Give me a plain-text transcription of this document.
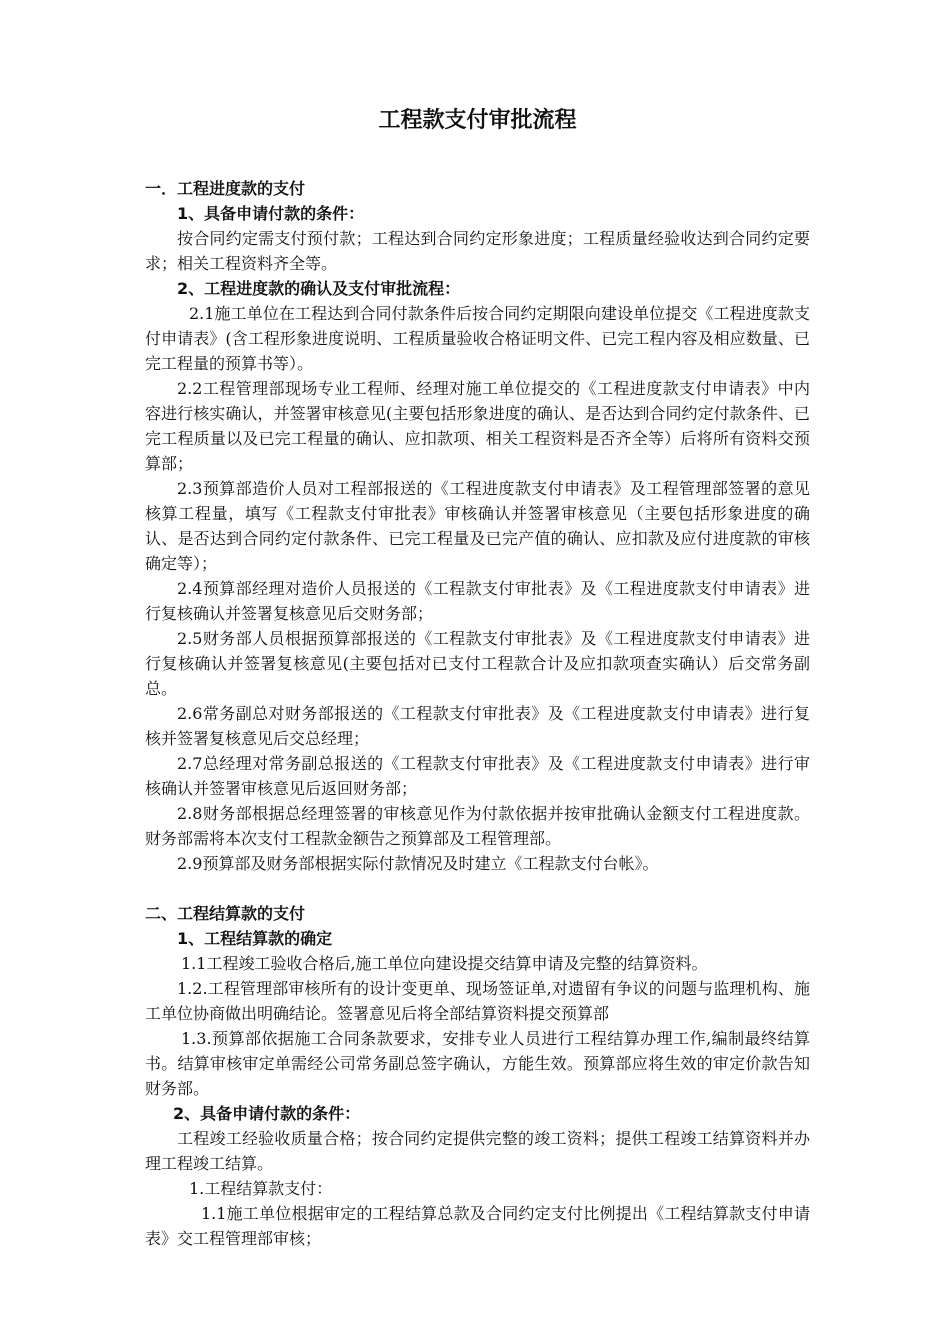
工程款支付审批流程

一．工程进度款的支付

1、具备申请付款的条件：

按合同约定需支付预付款；工程达到合同约定形象进度；工程质量经验收达到合同约定要求；相关工程资料齐全等。

2、工程进度款的确认及支付审批流程：

2.1施工单位在工程达到合同付款条件后按合同约定期限向建设单位提交《工程进度款支付申请表》(含工程形象进度说明、工程质量验收合格证明文件、已完工程内容及相应数量、已完工程量的预算书等）。

2.2工程管理部现场专业工程师、经理对施工单位提交的《工程进度款支付申请表》中内容进行核实确认，并签署审核意见(主要包括形象进度的确认、是否达到合同约定付款条件、已完工程质量以及已完工程量的确认、应扣款项、相关工程资料是否齐全等）后将所有资料交预算部；

2.3预算部造价人员对工程部报送的《工程进度款支付申请表》及工程管理部签署的意见核算工程量，填写《工程款支付审批表》审核确认并签署审核意见（主要包括形象进度的确认、是否达到合同约定付款条件、已完工程量及已完产值的确认、应扣款及应付进度款的审核确定等）；

2.4预算部经理对造价人员报送的《工程款支付审批表》及《工程进度款支付申请表》进行复核确认并签署复核意见后交财务部；

2.5财务部人员根据预算部报送的《工程款支付审批表》及《工程进度款支付申请表》进行复核确认并签署复核意见(主要包括对已支付工程款合计及应扣款项查实确认）后交常务副总。

2.6常务副总对财务部报送的《工程款支付审批表》及《工程进度款支付申请表》进行复核并签署复核意见后交总经理；

2.7总经理对常务副总报送的《工程款支付审批表》及《工程进度款支付申请表》进行审核确认并签署审核意见后返回财务部；

2.8财务部根据总经理签署的审核意见作为付款依据并按审批确认金额支付工程进度款。财务部需将本次支付工程款金额告之预算部及工程管理部。

2.9预算部及财务部根据实际付款情况及时建立《工程款支付台帐》。

二、工程结算款的支付

1、工程结算款的确定

1.1工程竣工验收合格后,施工单位向建设提交结算申请及完整的结算资料。

1.2.工程管理部审核所有的设计变更单、现场签证单,对遗留有争议的问题与监理机构、施工单位协商做出明确结论。签署意见后将全部结算资料提交预算部

1.3.预算部依据施工合同条款要求，安排专业人员进行工程结算办理工作,编制最终结算书。结算审核审定单需经公司常务副总签字确认，方能生效。预算部应将生效的审定价款告知财务部。

2、具备申请付款的条件：

工程竣工经验收质量合格；按合同约定提供完整的竣工资料；提供工程竣工结算资料并办理工程竣工结算。

1.工程结算款支付：

1.1施工单位根据审定的工程结算总款及合同约定支付比例提出《工程结算款支付申请表》交工程管理部审核；
